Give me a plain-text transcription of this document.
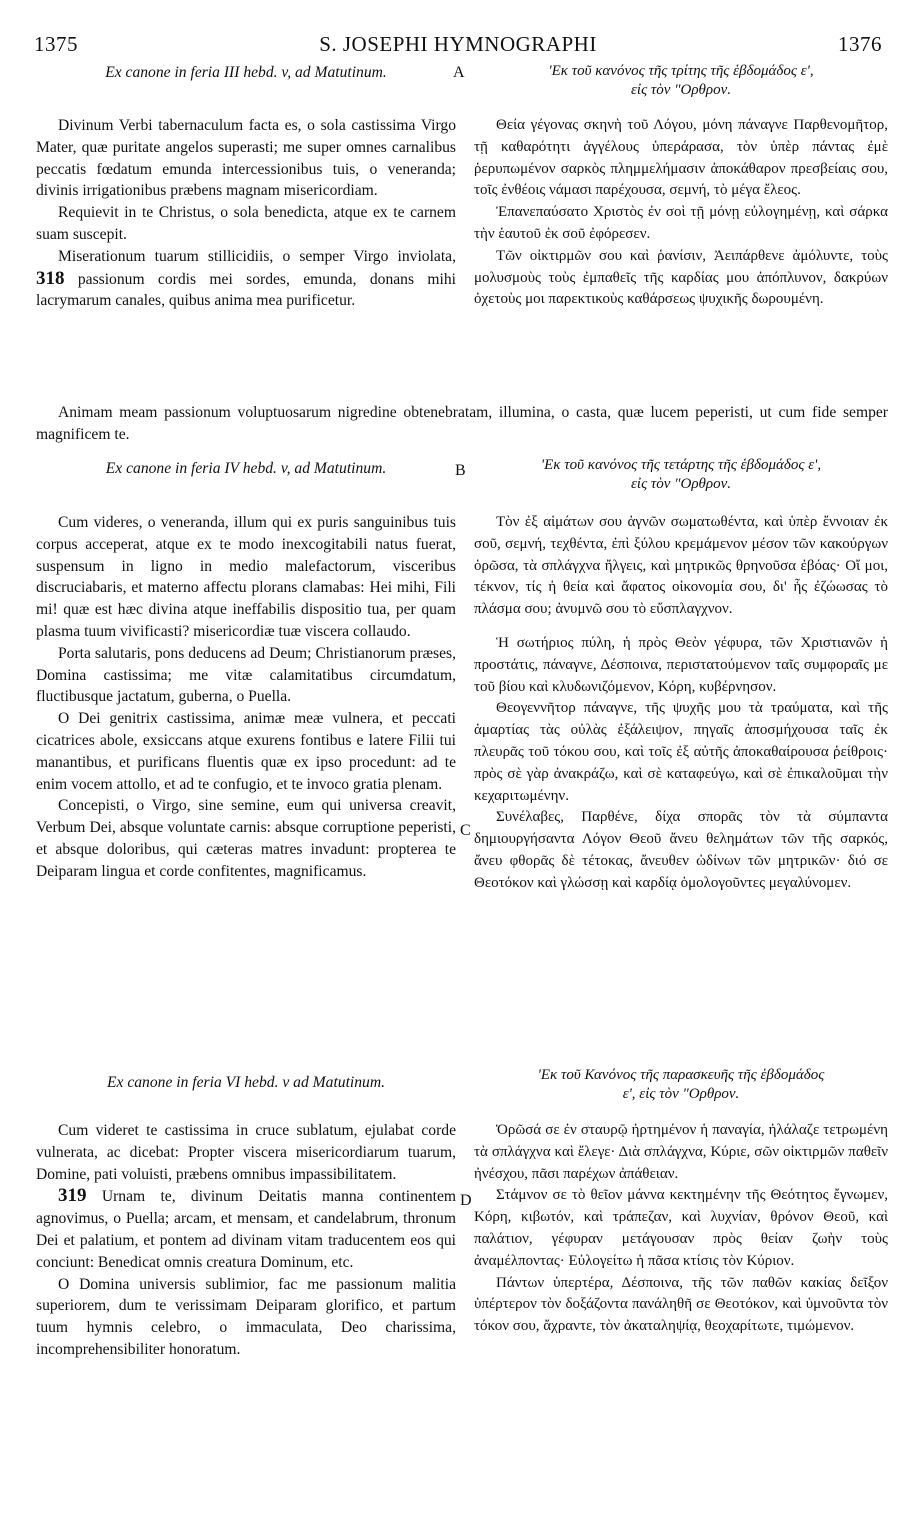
1375	S. JOSEPHI HYMNOGRAPHI	1376

Ex canone in feria III hebd. v, ad Matutinum.	A	'Εκ τοῦ κανόνος τῆς τρίτης τῆς ἑβδομάδος ε',

εἰς τὸν "Ορθρον.

Divinum Verbi tabernaculum facta es, o sola castissima Virgo Mater, quæ puritate angelos superasti; me super omnes carnalibus peccatis fœdatum emunda intercessionibus tuis, o veneranda; divinis irrigationibus præbens magnam misericordiam.

Requievit in te Christus, o sola benedicta, atque ex te carnem suam suscepit.

Miserationum tuarum stillicidiis, o semper Virgo inviolata, 318 passionum cordis mei sordes, emunda, donans mihi lacrymarum canales, quibus anima mea purificetur.

Θεία γέγονας σκηνὴ τοῦ Λόγου, μόνη πάναγνε Παρθενομῆτορ, τῇ καθαρότητι ἀγγέλους ὑπεράρασα, τὸν ὑπὲρ πάντας ἐμὲ ῥερυπωμένον σαρκὸς πλημμελήμασιν ἀποκάθαρον πρεσβείαις σου, τοῖς ἐνθέοις νάμασι παρέχουσα, σεμνή, τὸ μέγα ἔλεος.

Ἐπανεπαύσατο Χριστὸς ἐν σοὶ τῇ μόνῃ εὐλογημένῃ, καὶ σάρκα τὴν ἑαυτοῦ ἐκ σοῦ ἐφόρεσεν.

Τῶν οἰκτιρμῶν σου καὶ ῥανίσιν, Ἀειπάρθενε ἀμόλυντε, τοὺς μολυσμοὺς τοὺς ἐμπαθεῖς τῆς καρδίας μου ἀπόπλυνον, δακρύων ὀχετοὺς μοι παρεκτικοὺς καθάρσεως ψυχικῆς δωρουμένη.

Animam meam passionum voluptuosarum nigredine obtenebratam, illumina, o casta, quæ lucem peperisti, ut cum fide semper magnificem te.

Ex canone in feria IV hebd. v, ad Matutinum.	B	'Εκ τοῦ κανόνος τῆς τετάρτης τῆς ἑβδομάδος ε',

εἰς τὸν "Ορθρον.

Cum videres, o veneranda, illum qui ex puris sanguinibus tuis corpus acceperat, atque ex te modo inexcogitabili natus fuerat, suspensum in ligno in medio malefactorum, visceribus discruciabaris, et materno affectu plorans clamabas: Hei mihi, Fili mi! quæ est hæc divina atque ineffabilis dispositio tua, per quam plasma tuum vivificasti? misericordiæ tuæ viscera collaudo.

Porta salutaris, pons deducens ad Deum; Christianorum præses, Domina castissima; me vitæ calamitatibus circumdatum, fluctibusque jactatum, guberna, o Puella.

O Dei genitrix castissima, animæ meæ vulnera, et peccati cicatrices abole, exsiccans atque exurens fontibus e latere Filii tui manantibus, et purificans fluentis quæ ex ipso procedunt: ad te enim vocem attollo, et ad te confugio, et te invoco gratia plenam.

Concepisti, o Virgo, sine semine, eum qui universa creavit, Verbum Dei, absque voluntate carnis: absque corruptione peperisti, et absque doloribus, qui cæteras matres invadunt: propterea te Deiparam lingua et corde confitentes, magnificamus.

C

Τὸν ἐξ αἱμάτων σου ἁγνῶν σωματωθέντα, καὶ ὑπὲρ ἔννοιαν ἐκ σοῦ, σεμνή, τεχθέντα, ἐπὶ ξύλου κρεμάμενον μέσον τῶν κακούργων ὁρῶσα, τὰ σπλάγχνα ἤλγεις, καὶ μητρικῶς θρηνοῦσα ἐβόας· Οἴ μοι, τέκνον, τίς ἡ θεία καὶ ἄφατος οἰκονομία σου, δι' ἧς ἐζώωσας τὸ πλάσμα σου; ἀνυμνῶ σου τὸ εὔσπλαγχνον.

Ἡ σωτήριος πύλη, ἡ πρὸς Θεὸν γέφυρα, τῶν Χριστιανῶν ἡ προστάτις, πάναγνε, Δέσποινα, περιστατούμενον ταῖς συμφοραῖς με τοῦ βίου καὶ κλυδωνιζόμενον, Κόρη, κυβέρνησον.

Θεογεννῆτορ πάναγνε, τῆς ψυχῆς μου τὰ τραύματα, καὶ τῆς ἁμαρτίας τὰς οὐλὰς ἐξάλειψον, πηγαῖς ἀποσμήχουσα ταῖς ἐκ πλευρᾶς τοῦ τόκου σου, καὶ τοῖς ἐξ αὐτῆς ἀποκαθαίρουσα ῥείθροις· πρὸς σὲ γὰρ ἀνακράζω, καὶ σὲ καταφεύγω, καὶ σὲ ἐπικαλοῦμαι τὴν κεχαριτωμένην.

Συνέλαβες, Παρθένε, δίχα σπορᾶς τὸν τὰ σύμπαντα δημιουργήσαντα Λόγον Θεοῦ ἄνευ θελημάτων τῶν τῆς σαρκός, ἄνευ φθορᾶς δὲ τέτοκας, ἄνευθεν ὠδίνων τῶν μητρικῶν· διό σε Θεοτόκον καὶ γλώσσῃ καὶ καρδίᾳ ὁμολογοῦντες μεγαλύνομεν.

Ex canone in feria VI hebd. v ad Matutinum.	'Εκ τοῦ Κανόνος τῆς παρασκευῆς τῆς ἑβδομάδος

ε', εἰς τὸν "Ορθρον.

Cum videret te castissima in cruce sublatum, ejulabat corde vulnerata, ac dicebat: Propter viscera misericordiarum tuarum, Domine, pati voluisti, præbens omnibus impassibilitatem.

319 Urnam te, divinum Deitatis manna continentem agnovimus, o Puella; arcam, et mensam, et candelabrum, thronum Dei et palatium, et pontem ad divinam vitam traducentem eos qui conciunt: Benedicat omnis creatura Dominum, etc.

O Domina universis sublimior, fac me passionum malitia superiorem, dum te verissimam Deiparam glorifico, et partum tuum hymnis celebro, o immaculata, Deo charissima, incomprehensibiliter honoratum.

D

Ὁρῶσά σε ἐν σταυρῷ ἠρτημένον ἡ παναγία, ἠλάλαζε τετρωμένη τὰ σπλάγχνα καὶ ἔλεγε· Διὰ σπλάγχνα, Κύριε, σῶν οἰκτιρμῶν παθεῖν ἠνέσχου, πᾶσι παρέχων ἀπάθειαν.

Στάμνον σε τὸ θεῖον μάννα κεκτημένην τῆς Θεότητος ἔγνωμεν, Κόρη, κιβωτόν, καὶ τράπεζαν, καὶ λυχνίαν, θρόνον Θεοῦ, καὶ παλάτιον, γέφυραν μετάγουσαν πρὸς θείαν ζωὴν τοὺς ἀναμέλποντας· Εὐλογείτω ἡ πᾶσα κτίσις τὸν Κύριον.

Πάντων ὑπερτέρα, Δέσποινα, τῆς τῶν παθῶν κακίας δεῖξον ὑπέρτερον τὸν δοξάζοντα πανάληθῆ σε Θεοτόκον, καὶ ὑμνοῦντα τὸν τόκον σου, ἄχραντε, τὸν ἀκαταληψίᾳ, θεοχαρίτωτε, τιμώμενον.
